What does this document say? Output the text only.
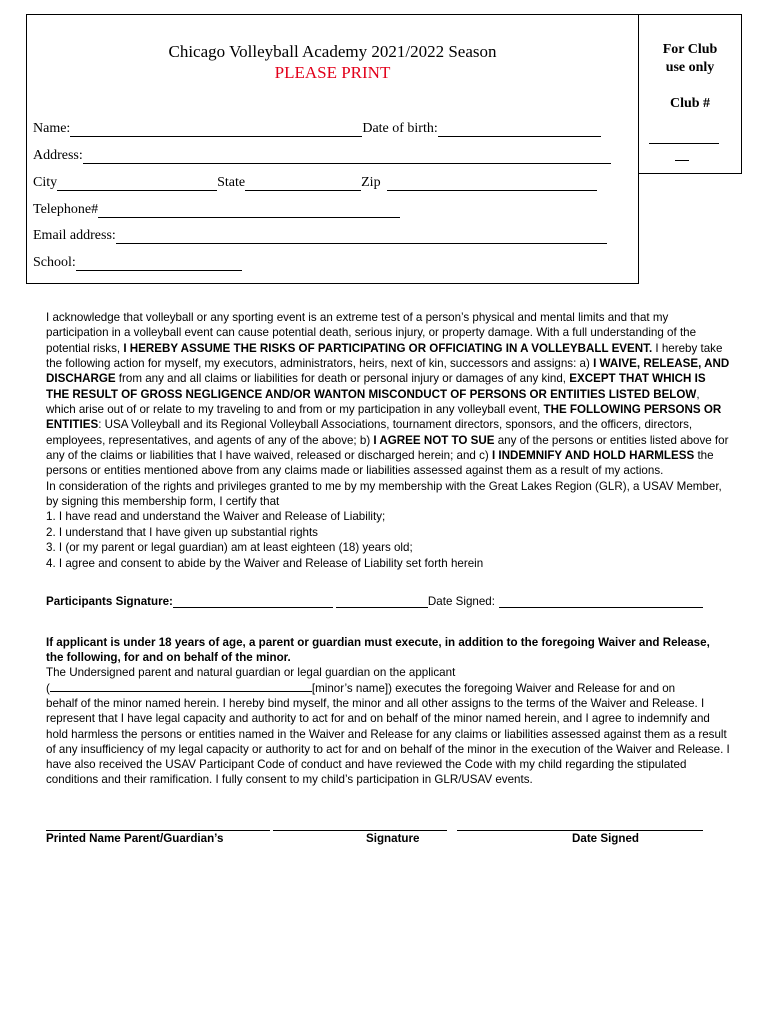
Chicago Volleyball Academy 2021/2022 Season
PLEASE PRINT
Name:	Date of birth:
Address:
City	State	Zip
Telephone#
Email address:
School:
For Club
use only
Club #

I acknowledge that volleyball or any sporting event is an extreme test of a person’s physical and mental limits and that my participation in a volleyball event can cause potential death, serious injury, or property damage. With a full understanding of the potential risks, I HEREBY ASSUME THE RISKS OF PARTICIPATING OR OFFICIATING IN A VOLLEYBALL EVENT. I hereby take the following action for myself, my executors, administrators, heirs, next of kin, successors and assigns: a) I WAIVE, RELEASE, AND DISCHARGE from any and all claims or liabilities for death or personal injury or damages of any kind, EXCEPT THAT WHICH IS THE RESULT OF GROSS NEGLIGENCE AND/OR WANTON MISCONDUCT OF PERSONS OR ENTIITIES LISTED BELOW, which arise out of or relate to my traveling to and from or my participation in any volleyball event, THE FOLLOWING PERSONS OR ENTITIES: USA Volleyball and its Regional Volleyball Associations, tournament directors, sponsors, and the officers, directors, employees, representatives, and agents of any of the above; b) I AGREE NOT TO SUE any of the persons or entities listed above for any of the claims or liabilities that I have waived, released or discharged herein; and c) I INDEMNIFY AND HOLD HARMLESS the persons or entities mentioned above from any claims made or liabilities assessed against them as a result of my actions.

In consideration of the rights and privileges granted to me by my membership with the Great Lakes Region (GLR), a USAV Member, by signing this membership form, I certify that

1. I have read and understand the Waiver and Release of Liability;

2. I understand that I have given up substantial rights

3. I (or my parent or legal guardian) am at least eighteen (18) years old;

4. I agree and consent to abide by the Waiver and Release of Liability set forth herein

Participants Signature:	Date Signed:

If applicant is under 18 years of age, a parent or guardian must execute, in addition to the foregoing Waiver and Release, the following, for and on behalf of the minor.

The Undersigned parent and natural guardian or legal guardian on the applicant

(	[minor’s name]) executes the foregoing Waiver and Release for and on

behalf of the minor named herein. I hereby bind myself, the minor and all other assigns to the terms of the Waiver and Release. I represent that I have legal capacity and authority to act for and on behalf of the minor named herein, and I agree to indemnify and hold harmless the persons or entities named in the Waiver and Release for any claims or liabilities assessed against them as a result of any insufficiency of my legal capacity or authority to act for and on behalf of the minor in the execution of the Waiver and Release. I have also received the USAV Participant Code of conduct and have reviewed the Code with my child regarding the stipulated conditions and their ramification. I fully consent to my child’s participation in GLR/USAV events.

Printed Name Parent/Guardian’s	Signature	Date Signed
